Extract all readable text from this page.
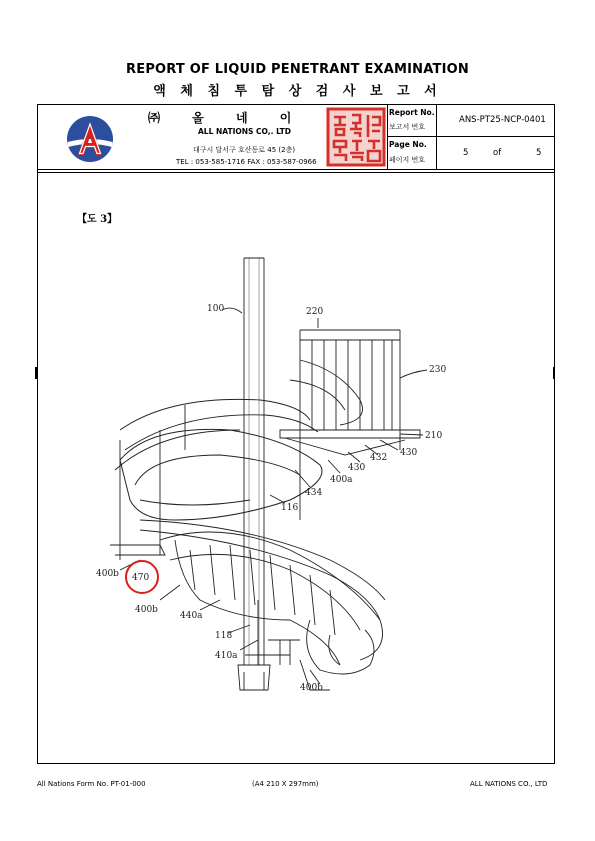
REPORT OF LIQUID PENETRANT EXAMINATION
액 체 침 투 탐 상 검 사 보 고 서
㈜ 올 네 이
ALL NATIONS CO,. LTD
대구시 달서구 호산동로 45 (2층)
TEL : 053-585-1716 FAX : 053-587-0966
Report No.
보고서 번호
ANS-PT25-NCP-0401
Page No.
페이지 번호
5	of	5
【도 3】
100	220
230
210
430
432
430
400a
434
116
400b 470
400b
440a
118
410a
400b
All Nations Form No. PT-01-000	(A4 210 X 297mm)	ALL NATIONS CO., LTD
